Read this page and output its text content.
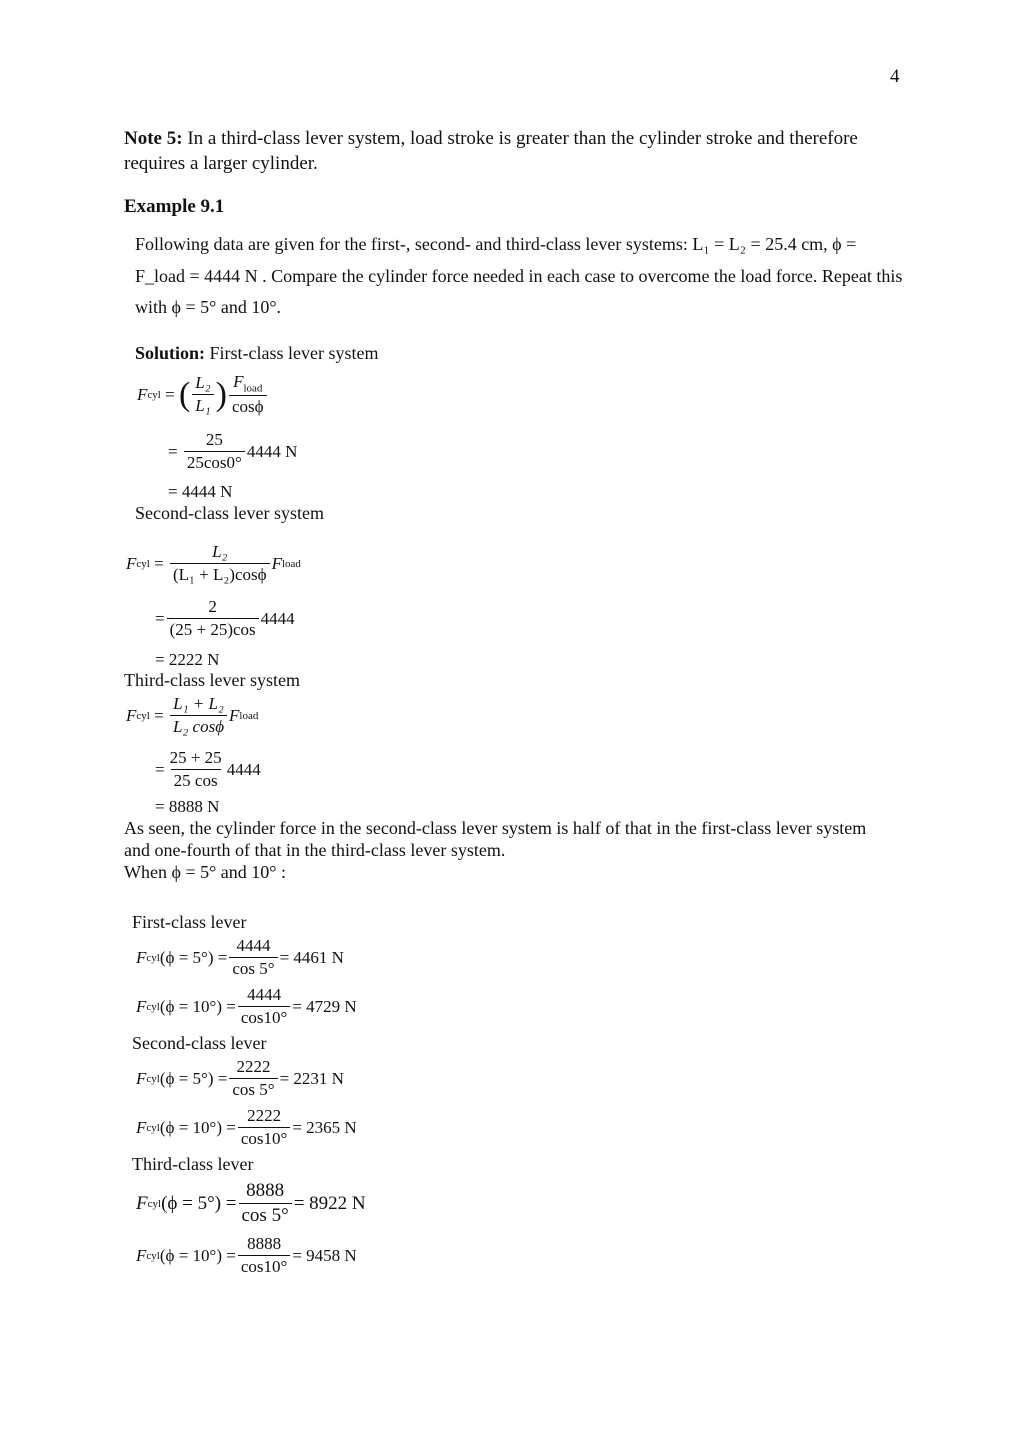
4
Note 5: In a third-class lever system, load stroke is greater than the cylinder stroke and therefore requires a larger cylinder.
Example 9.1
Following data are given for the first-, second- and third-class lever systems: L₁ = L₂ = 25.4 cm, ϕ =
F_load = 4444 N . Compare the cylinder force needed in each case to overcome the load force. Repeat this
with ϕ = 5° and 10°.
Solution: First-class lever system
F cyl = ( $\frac{\text{L₂}}{\text{L₁}}$ ) $\frac{F_{load}}{\cos\phi}$
= $\frac{25}{25\cos 0^\circ} 4444$ N
= 4444 N
Second-class lever system
F cyl = $\frac{\text{L₂}}{\text{(L₁ + L₂)cosϕ}}$ F load
= $\frac{2}{(25 + 25)\cos} 4444$
= 2222 N
Third-class lever system
F cyl = $\frac{\text{L₁ + L₂}}{\text{L₂ cosϕ}}$ F load
= $\frac{25 + 25}{25 \cos} 4444$
= 8888 N
As seen, the cylinder force in the second-class lever system is half of that in the first-class lever system
and one-fourth of that in the third-class lever system.
When ϕ = 5° and 10° :
First-class lever
F cyl $(\phi = 5^\circ) = \frac{4444}{\cos 5^\circ} = 4461$ N
F cyl $(\phi = 10^\circ) = \frac{4444}{\cos 10^\circ} = 4729$ N
Second-class lever
F cyl $(\phi = 5^\circ) = \frac{2222}{\cos 5^\circ} = 2231$ N
F cyl $(\phi = 10^\circ) = \frac{2222}{\cos 10^\circ} = 2365$ N
Third-class lever
F cyl $(\phi = 5^\circ) = \frac{8888}{\cos 5^\circ} = 8922$ N
F cyl $(\phi = 10^\circ) = \frac{8888}{\cos 10^\circ} = 9458$ N
